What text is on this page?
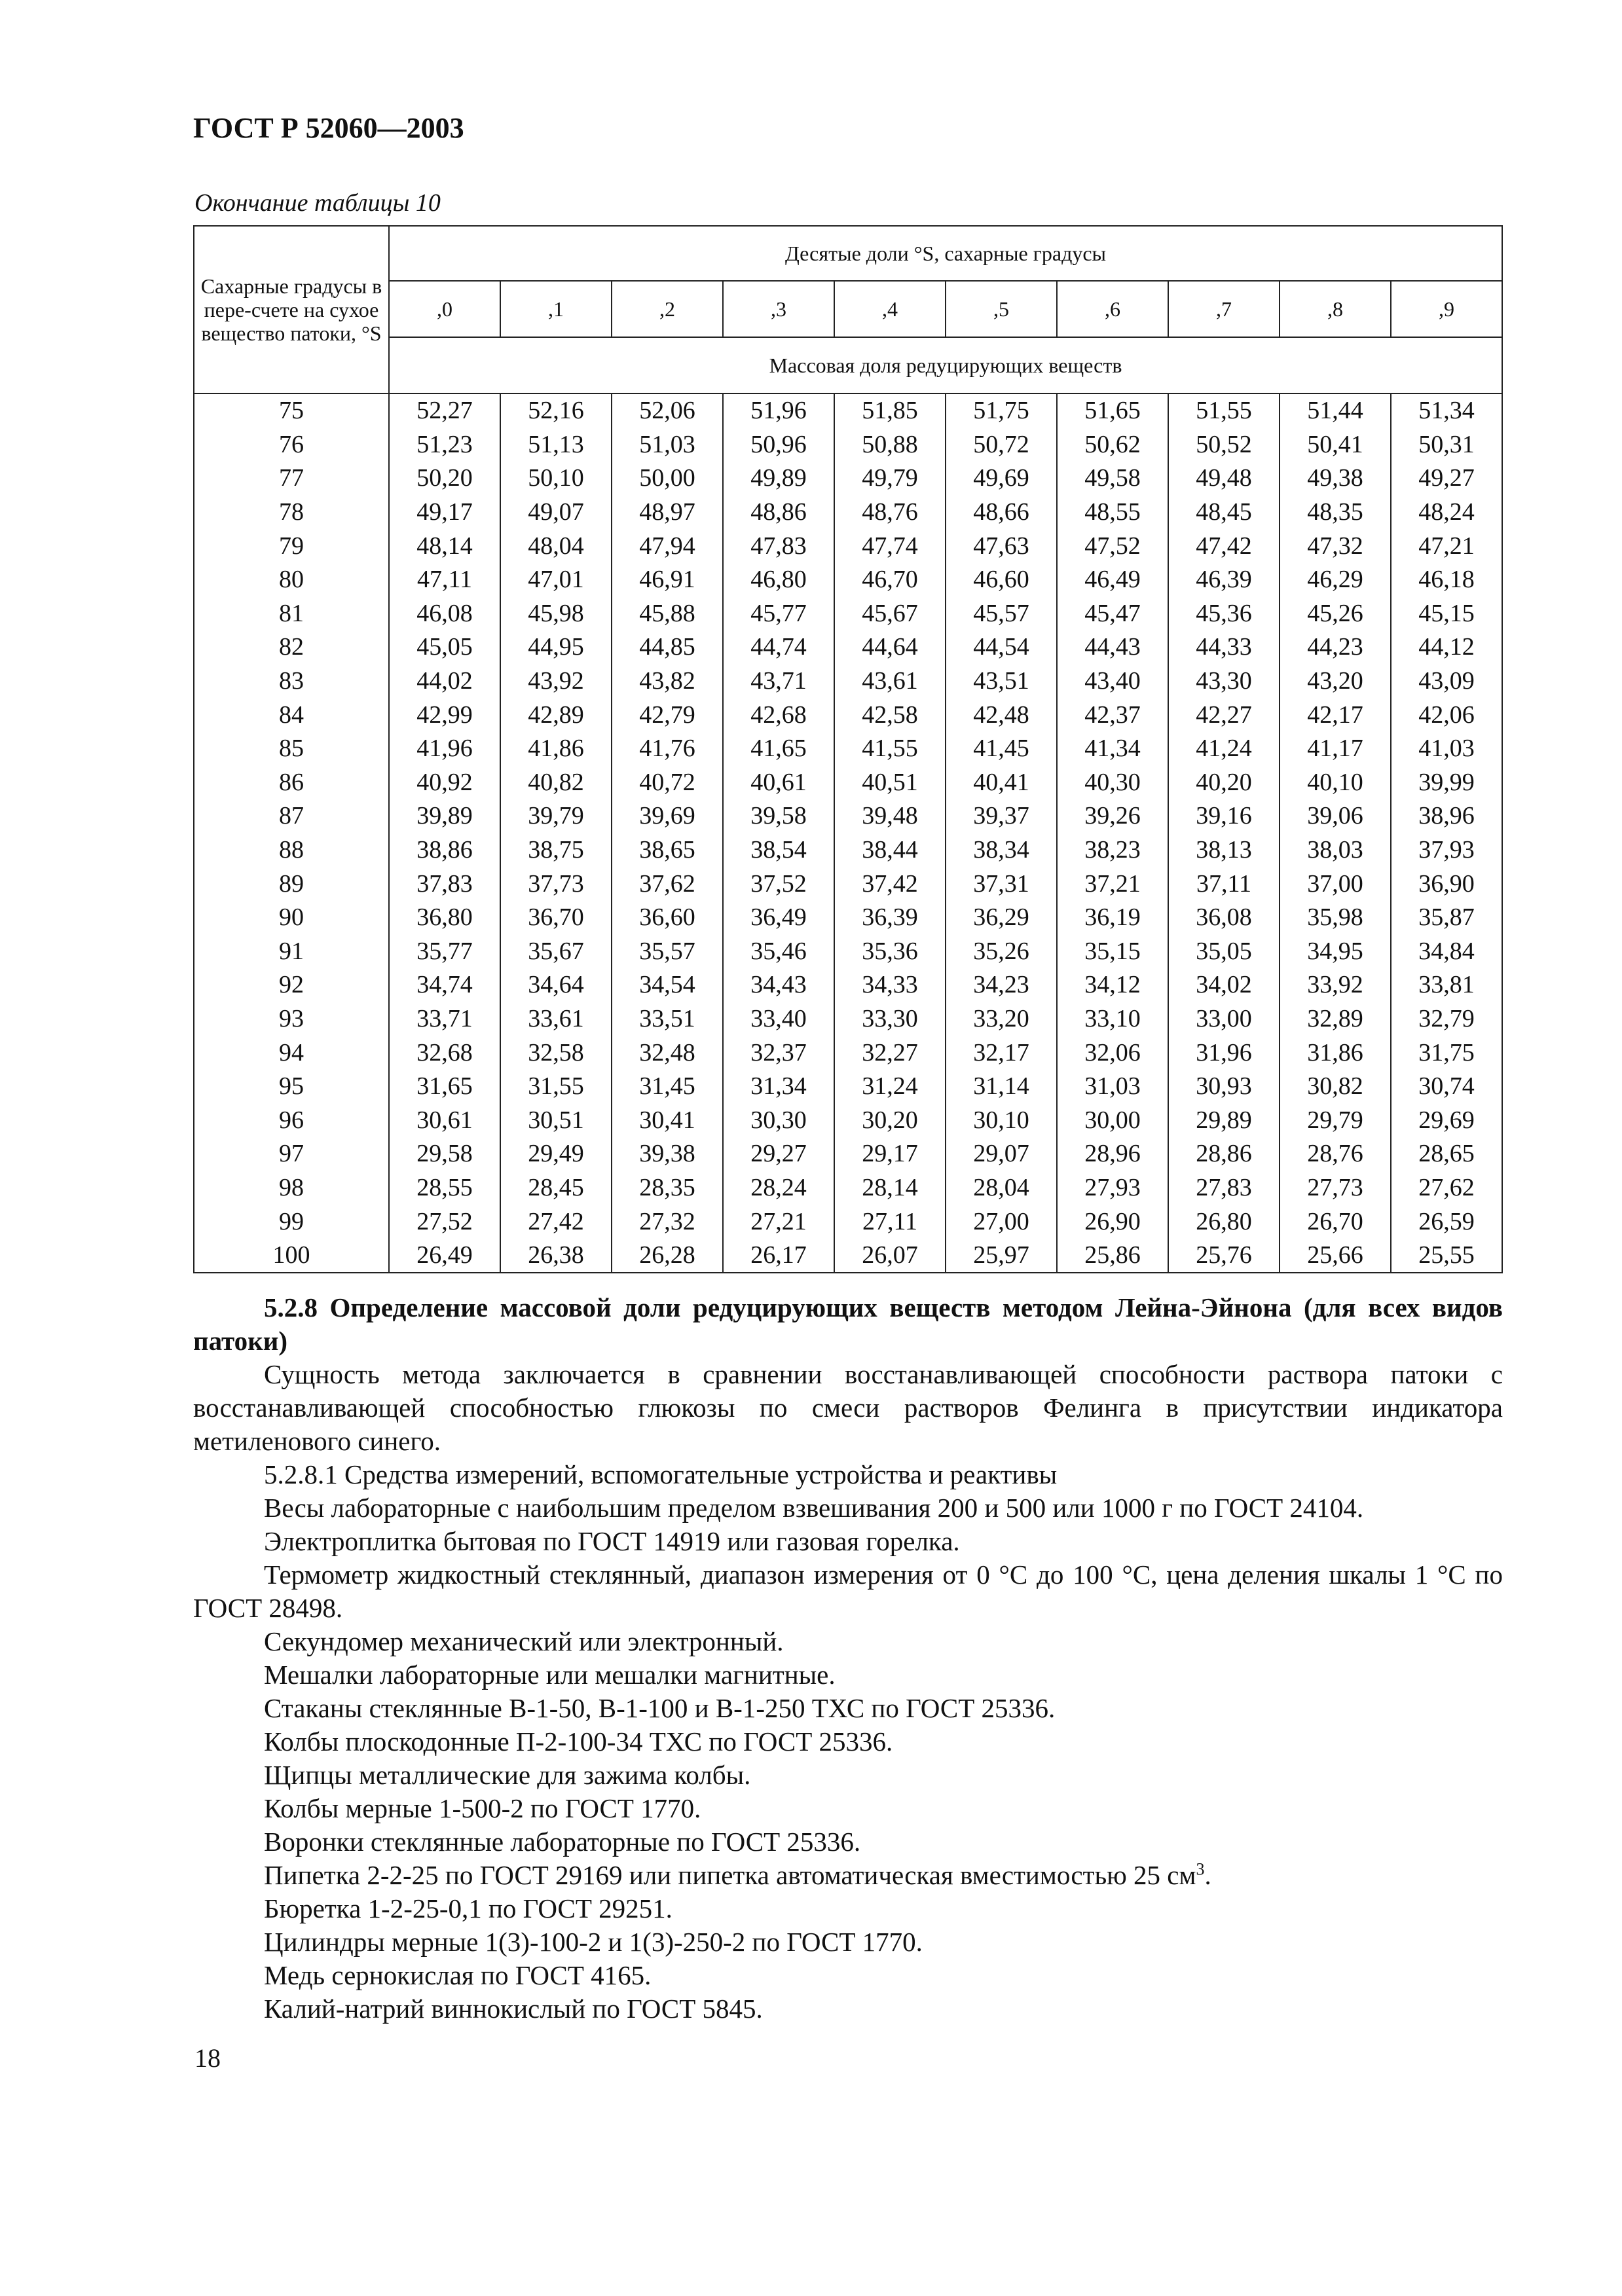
ГОСТ Р 52060—2003
Окончание таблицы 10
Сахарные градусы в пере-счете на сухое вещество патоки, °S	Десятые доли °S, сахарные градусы									
	,0	,1	,2	,3	,4	,5	,6	,7	,8	,9
	Массовая доля редуцирующих веществ									
75	52,27	52,16	52,06	51,96	51,85	51,75	51,65	51,55	51,44	51,34
76	51,23	51,13	51,03	50,96	50,88	50,72	50,62	50,52	50,41	50,31
77	50,20	50,10	50,00	49,89	49,79	49,69	49,58	49,48	49,38	49,27
78	49,17	49,07	48,97	48,86	48,76	48,66	48,55	48,45	48,35	48,24
79	48,14	48,04	47,94	47,83	47,74	47,63	47,52	47,42	47,32	47,21
80	47,11	47,01	46,91	46,80	46,70	46,60	46,49	46,39	46,29	46,18
81	46,08	45,98	45,88	45,77	45,67	45,57	45,47	45,36	45,26	45,15
82	45,05	44,95	44,85	44,74	44,64	44,54	44,43	44,33	44,23	44,12
83	44,02	43,92	43,82	43,71	43,61	43,51	43,40	43,30	43,20	43,09
84	42,99	42,89	42,79	42,68	42,58	42,48	42,37	42,27	42,17	42,06
85	41,96	41,86	41,76	41,65	41,55	41,45	41,34	41,24	41,17	41,03
86	40,92	40,82	40,72	40,61	40,51	40,41	40,30	40,20	40,10	39,99
87	39,89	39,79	39,69	39,58	39,48	39,37	39,26	39,16	39,06	38,96
88	38,86	38,75	38,65	38,54	38,44	38,34	38,23	38,13	38,03	37,93
89	37,83	37,73	37,62	37,52	37,42	37,31	37,21	37,11	37,00	36,90
90	36,80	36,70	36,60	36,49	36,39	36,29	36,19	36,08	35,98	35,87
91	35,77	35,67	35,57	35,46	35,36	35,26	35,15	35,05	34,95	34,84
92	34,74	34,64	34,54	34,43	34,33	34,23	34,12	34,02	33,92	33,81
93	33,71	33,61	33,51	33,40	33,30	33,20	33,10	33,00	32,89	32,79
94	32,68	32,58	32,48	32,37	32,27	32,17	32,06	31,96	31,86	31,75
95	31,65	31,55	31,45	31,34	31,24	31,14	31,03	30,93	30,82	30,74
96	30,61	30,51	30,41	30,30	30,20	30,10	30,00	29,89	29,79	29,69
97	29,58	29,49	39,38	29,27	29,17	29,07	28,96	28,86	28,76	28,65
98	28,55	28,45	28,35	28,24	28,14	28,04	27,93	27,83	27,73	27,62
99	27,52	27,42	27,32	27,21	27,11	27,00	26,90	26,80	26,70	26,59
100	26,49	26,38	26,28	26,17	26,07	25,97	25,86	25,76	25,66	25,55

5.2.8 Определение массовой доли редуцирующих веществ методом Лейна-Эйнона (для всех видов патоки)

Сущность метода заключается в сравнении восстанавливающей способности раствора патоки с восстанавливающей способностью глюкозы по смеси растворов Фелинга в присутствии индикатора метиленового синего.

5.2.8.1 Средства измерений, вспомогательные устройства и реактивы

Весы лабораторные с наибольшим пределом взвешивания 200 и 500 или 1000 г по ГОСТ 24104.

Электроплитка бытовая по ГОСТ 14919 или газовая горелка.

Термометр жидкостный стеклянный, диапазон измерения от 0 °С до 100 °С, цена деления шкалы 1 °С по ГОСТ 28498.

Секундомер механический или электронный.

Мешалки лабораторные или мешалки магнитные.

Стаканы стеклянные В-1-50, В-1-100 и В-1-250 ТХС по ГОСТ 25336.

Колбы плоскодонные П-2-100-34 ТХС по ГОСТ 25336.

Щипцы металлические для зажима колбы.

Колбы мерные 1-500-2 по ГОСТ 1770.

Воронки стеклянные лабораторные по ГОСТ 25336.

Пипетка 2-2-25 по ГОСТ 29169 или пипетка автоматическая вместимостью 25 $см^3$.

Бюретка 1-2-25-0,1 по ГОСТ 29251.

Цилиндры мерные 1(3)-100-2 и 1(3)-250-2 по ГОСТ 1770.

Медь сернокислая по ГОСТ 4165.

Калий-натрий виннокислый по ГОСТ 5845.

18
